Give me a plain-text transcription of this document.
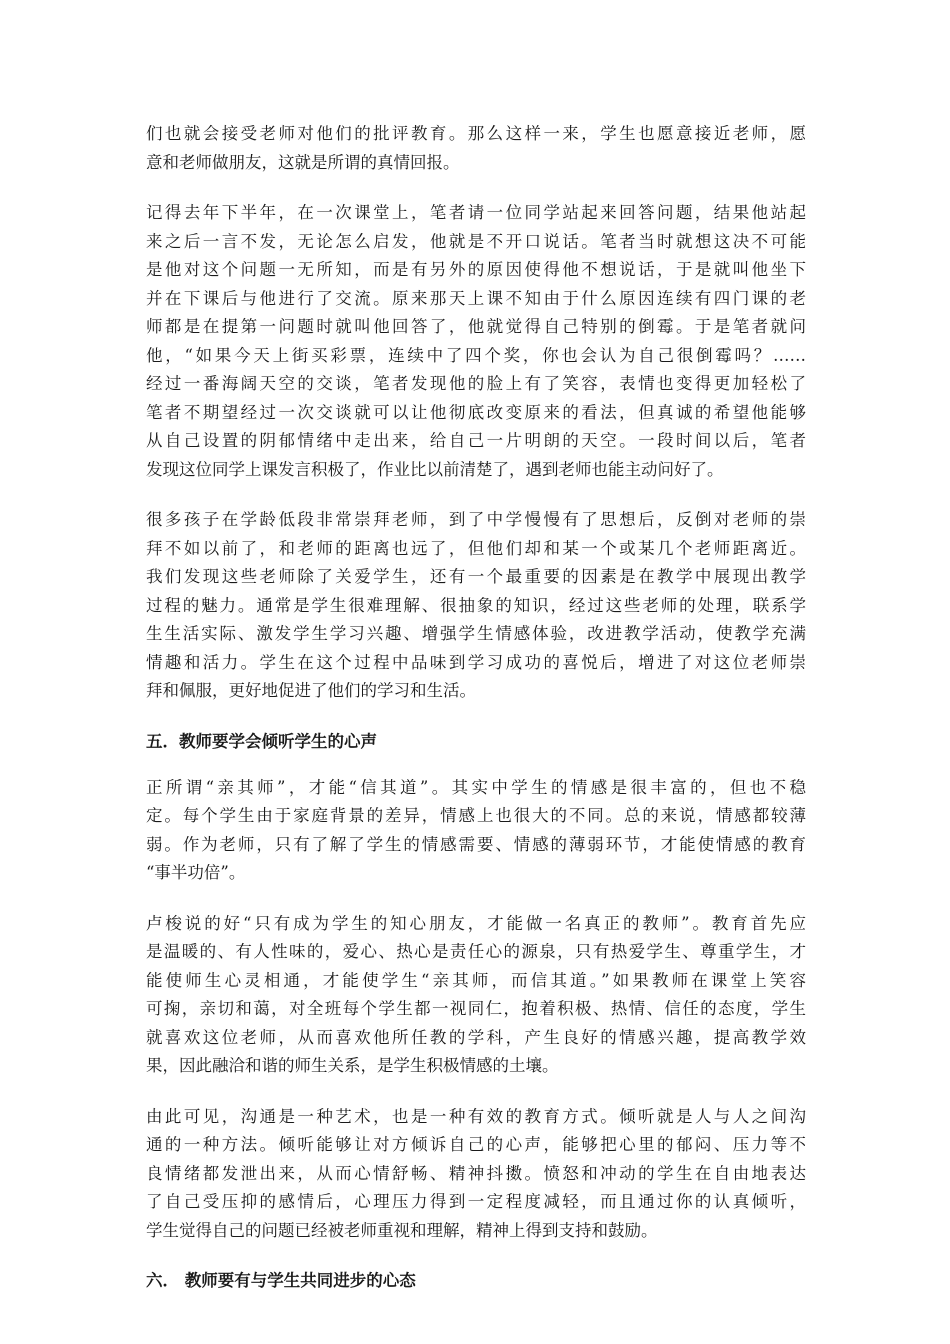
们也就会接受老师对他们的批评教育。那么这样一来，学生也愿意接近老师，愿
意和老师做朋友，这就是所谓的真情回报。
记得去年下半年，在一次课堂上，笔者请一位同学站起来回答问题，结果他站起
来之后一言不发，无论怎么启发，他就是不开口说话。笔者当时就想这决不可能
是他对这个问题一无所知，而是有另外的原因使得他不想说话，于是就叫他坐下
并在下课后与他进行了交流。原来那天上课不知由于什么原因连续有四门课的老
师都是在提第一问题时就叫他回答了，他就觉得自己特别的倒霉。于是笔者就问
他，“如果今天上街买彩票，连续中了四个奖，你也会认为自己很倒霉吗？……
经过一番海阔天空的交谈，笔者发现他的脸上有了笑容，表情也变得更加轻松了
笔者不期望经过一次交谈就可以让他彻底改变原来的看法，但真诚的希望他能够
从自己设置的阴郁情绪中走出来，给自己一片明朗的天空。一段时间以后，笔者
发现这位同学上课发言积极了，作业比以前清楚了，遇到老师也能主动问好了。
很多孩子在学龄低段非常崇拜老师，到了中学慢慢有了思想后，反倒对老师的崇
拜不如以前了，和老师的距离也远了，但他们却和某一个或某几个老师距离近。
我们发现这些老师除了关爱学生，还有一个最重要的因素是在教学中展现出教学
过程的魅力。通常是学生很难理解、很抽象的知识，经过这些老师的处理，联系学
生生活实际、激发学生学习兴趣、增强学生情感体验，改进教学活动，使教学充满
情趣和活力。学生在这个过程中品味到学习成功的喜悦后，增进了对这位老师崇
拜和佩服，更好地促进了他们的学习和生活。
五．教师要学会倾听学生的心声
正所谓“亲其师”，才能“信其道”。其实中学生的情感是很丰富的，但也不稳
定。每个学生由于家庭背景的差异，情感上也很大的不同。总的来说，情感都较薄
弱。作为老师，只有了解了学生的情感需要、情感的薄弱环节，才能使情感的教育
“事半功倍”。
卢梭说的好“只有成为学生的知心朋友，才能做一名真正的教师”。教育首先应
是温暖的、有人性味的，爱心、热心是责任心的源泉，只有热爱学生、尊重学生，才
能使师生心灵相通，才能使学生“亲其师，而信其道。”如果教师在课堂上笑容
可掬，亲切和蔼，对全班每个学生都一视同仁，抱着积极、热情、信任的态度，学生
就喜欢这位老师，从而喜欢他所任教的学科，产生良好的情感兴趣，提高教学效
果，因此融洽和谐的师生关系，是学生积极情感的土壤。
由此可见，沟通是一种艺术，也是一种有效的教育方式。倾听就是人与人之间沟
通的一种方法。倾听能够让对方倾诉自己的心声，能够把心里的郁闷、压力等不
良情绪都发泄出来，从而心情舒畅、精神抖擞。愤怒和冲动的学生在自由地表达
了自己受压抑的感情后，心理压力得到一定程度减轻，而且通过你的认真倾听，
学生觉得自己的问题已经被老师重视和理解，精神上得到支持和鼓励。
六． 教师要有与学生共同进步的心态
